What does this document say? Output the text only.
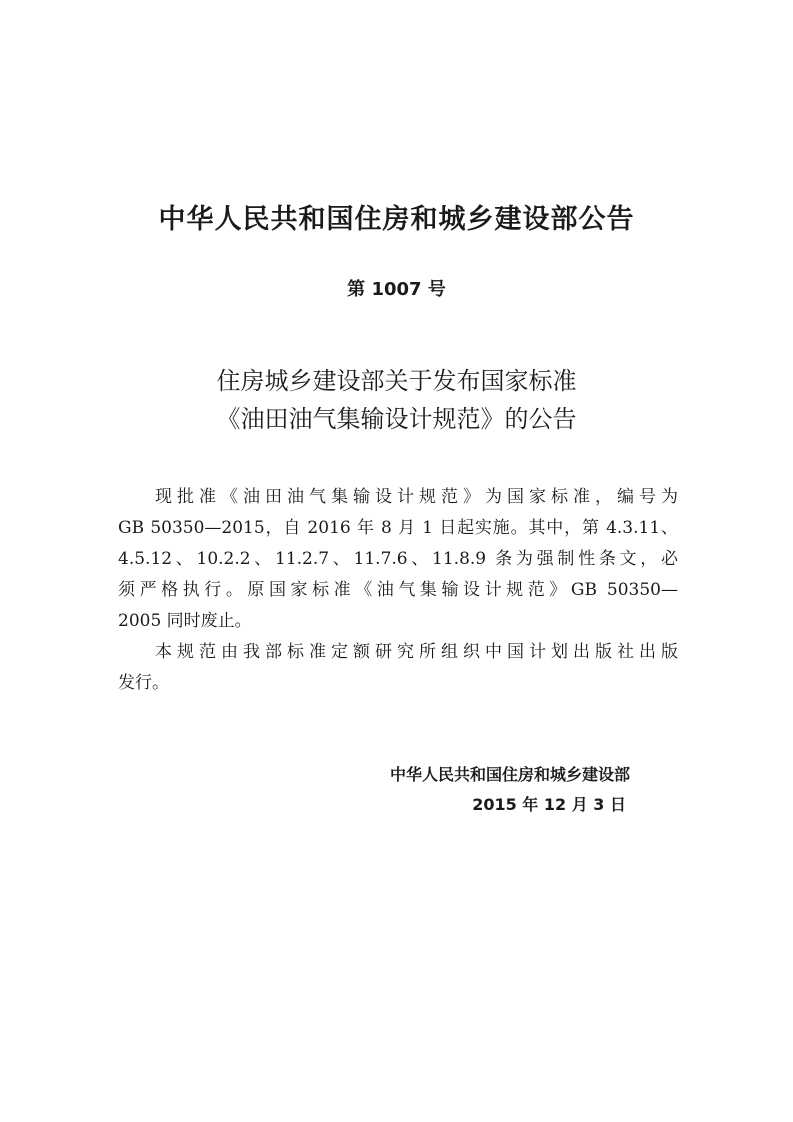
中华人民共和国住房和城乡建设部公告
第 1007 号
住房城乡建设部关于发布国家标准
《油田油气集输设计规范》的公告
现批准《油田油气集输设计规范》为国家标准，编号为
GB 50350—2015，自 2016 年 8 月 1 日起实施。其中，第 4.3.11、
4.5.12、10.2.2、11.2.7、11.7.6、11.8.9 条为强制性条文，必
须严格执行。原国家标准《油气集输设计规范》GB 50350—
2005 同时废止。
本规范由我部标准定额研究所组织中国计划出版社出版
发行。
中华人民共和国住房和城乡建设部
2015 年 12 月 3 日
